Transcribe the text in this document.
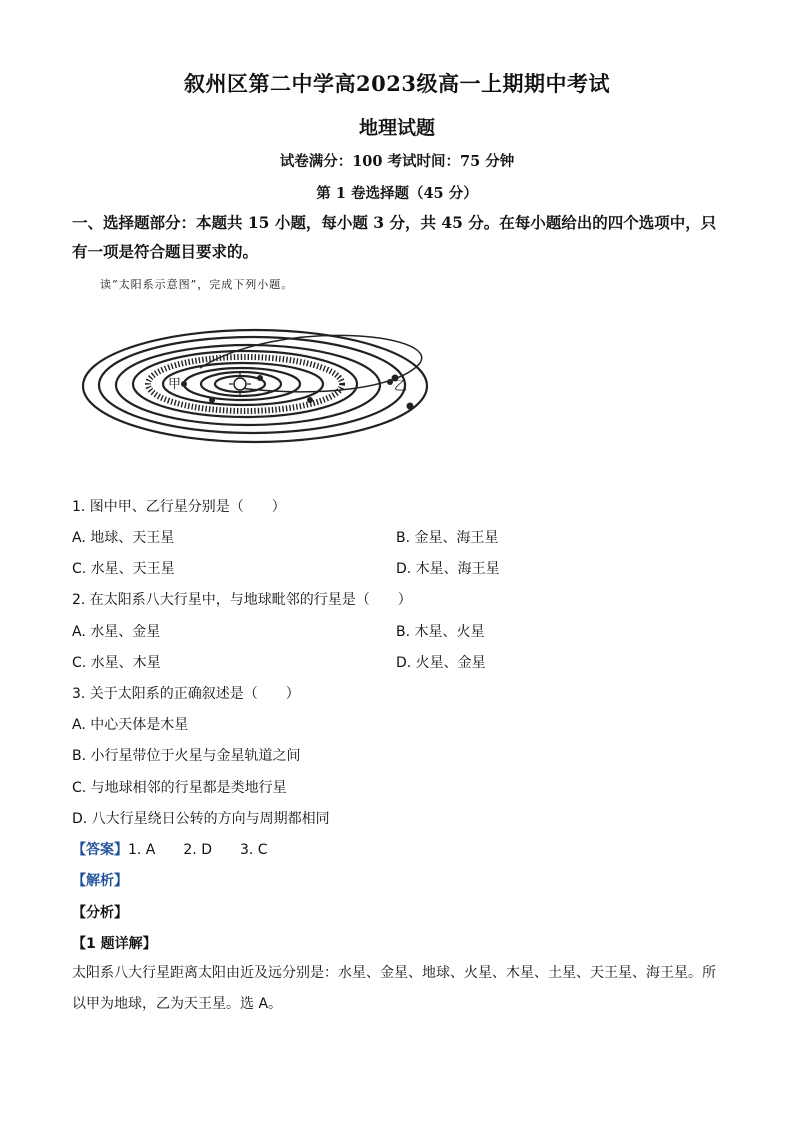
叙州区第二中学高2023级高一上期期中考试
地理试题
试卷满分：100 考试时间：75 分钟
第 1 卷选择题（45 分）
一、选择题部分：本题共 15 小题，每小题 3 分，共 45 分。在每小题给出的四个选项中，只有一项是符合题目要求的。
读“太阳系示意图”，完成下列小题。
甲	乙
1. 图中甲、乙行星分别是（　　）
A. 地球、天王星	B. 金星、海王星
C. 水星、天王星	D. 木星、海王星
2. 在太阳系八大行星中，与地球毗邻的行星是（　　）
A. 水星、金星	B. 木星、火星
C. 水星、木星	D. 火星、金星
3. 关于太阳系的正确叙述是（　　）
A. 中心天体是木星
B. 小行星带位于火星与金星轨道之间
C. 与地球相邻的行星都是类地行星
D. 八大行星绕日公转的方向与周期都相同
【答案】1. A　　2. D　　3. C
【解析】
【分析】
【1 题详解】
太阳系八大行星距离太阳由近及远分别是：水星、金星、地球、火星、木星、土星、天王星、海王星。所以甲为地球，乙为天王星。选 A。
